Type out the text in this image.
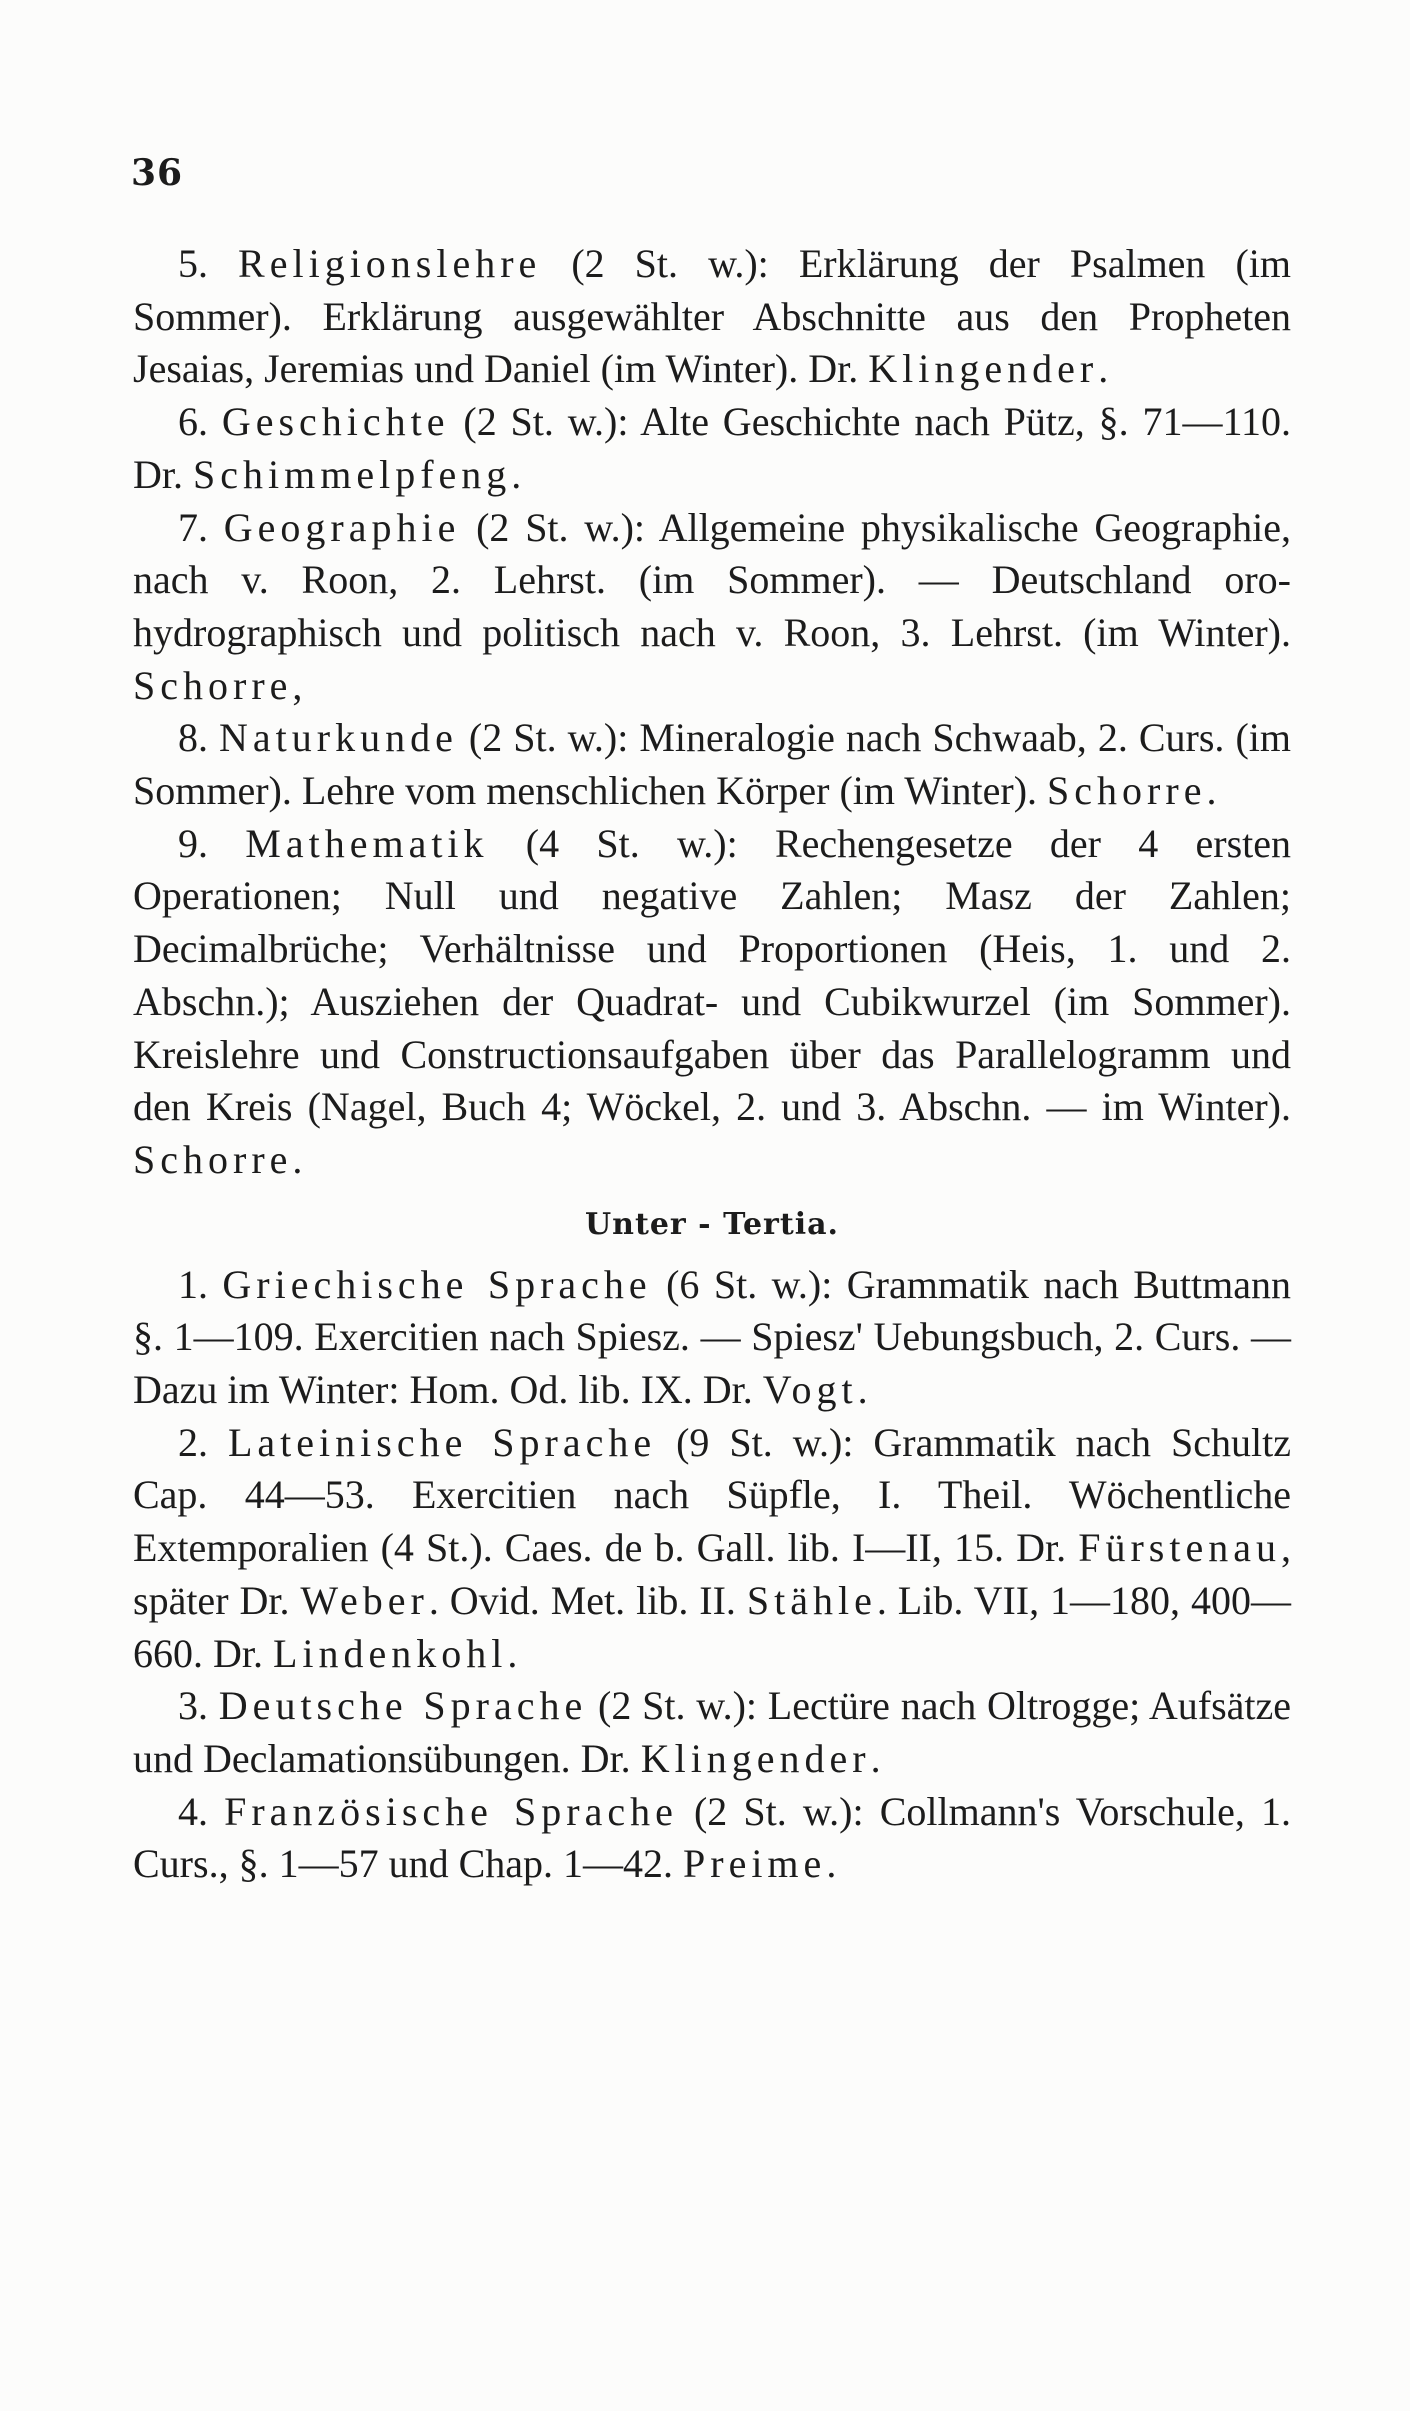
36

5. Religionslehre (2 St. w.): Erklärung der Psalmen (im Sommer). Erklärung ausgewählter Abschnitte aus den Propheten Jesaias, Jeremias und Daniel (im Winter). Dr. Klingender.

6. Geschichte (2 St. w.): Alte Geschichte nach Pütz, §. 71—110. Dr. Schimmelpfeng.

7. Geographie (2 St. w.): Allgemeine physikalische Geographie, nach v. Roon, 2. Lehrst. (im Sommer). — Deutschland oro-hydrographisch und politisch nach v. Roon, 3. Lehrst. (im Winter). Schorre,

8. Naturkunde (2 St. w.): Mineralogie nach Schwaab, 2. Curs. (im Sommer). Lehre vom menschlichen Körper (im Winter). Schorre.

9. Mathematik (4 St. w.): Rechengesetze der 4 ersten Operationen; Null und negative Zahlen; Masz der Zahlen; Decimalbrüche; Verhältnisse und Proportionen (Heis, 1. und 2. Abschn.); Ausziehen der Quadrat- und Cubikwurzel (im Sommer). Kreislehre und Constructionsaufgaben über das Parallelogramm und den Kreis (Nagel, Buch 4; Wöckel, 2. und 3. Abschn. — im Winter). Schorre.

Unter - Tertia.

1. Griechische Sprache (6 St. w.): Grammatik nach Buttmann §. 1—109. Exercitien nach Spiesz. — Spiesz' Uebungsbuch, 2. Curs. — Dazu im Winter: Hom. Od. lib. IX. Dr. Vogt.

2. Lateinische Sprache (9 St. w.): Grammatik nach Schultz Cap. 44—53. Exercitien nach Süpfle, I. Theil. Wöchentliche Extemporalien (4 St.). Caes. de b. Gall. lib. I—II, 15. Dr. Fürstenau, später Dr. Weber. Ovid. Met. lib. II. Stähle. Lib. VII, 1—180, 400—660. Dr. Lindenkohl.

3. Deutsche Sprache (2 St. w.): Lectüre nach Oltrogge; Aufsätze und Declamationsübungen. Dr. Klingender.

4. Französische Sprache (2 St. w.): Collmann's Vorschule, 1. Curs., §. 1—57 und Chap. 1—42. Preime.
